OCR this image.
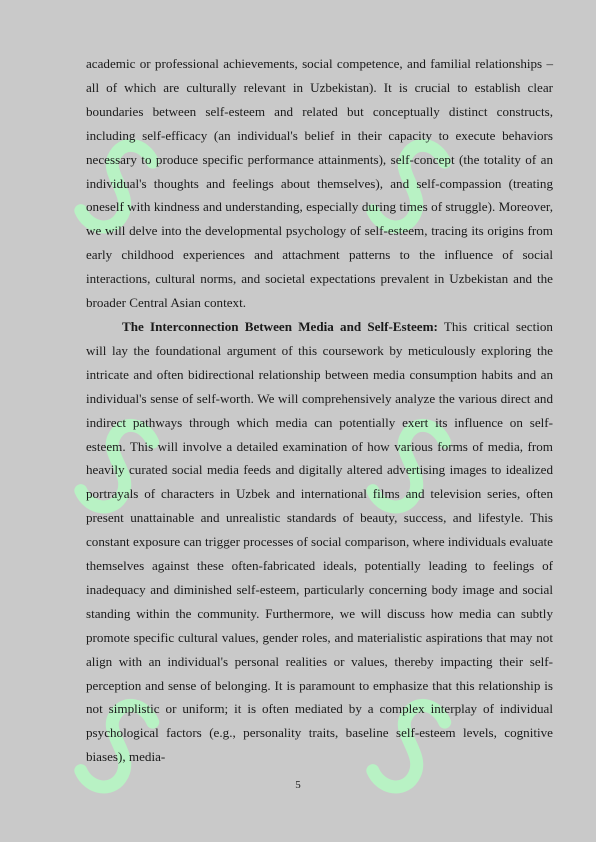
academic or professional achievements, social competence, and familial relationships – all of which are culturally relevant in Uzbekistan). It is crucial to establish clear boundaries between self-esteem and related but conceptually distinct constructs, including self-efficacy (an individual's belief in their capacity to execute behaviors necessary to produce specific performance attainments), self-concept (the totality of an individual's thoughts and feelings about themselves), and self-compassion (treating oneself with kindness and understanding, especially during times of struggle). Moreover, we will delve into the developmental psychology of self-esteem, tracing its origins from early childhood experiences and attachment patterns to the influence of social interactions, cultural norms, and societal expectations prevalent in Uzbekistan and the broader Central Asian context.

The Interconnection Between Media and Self-Esteem: This critical section will lay the foundational argument of this coursework by meticulously exploring the intricate and often bidirectional relationship between media consumption habits and an individual's sense of self-worth. We will comprehensively analyze the various direct and indirect pathways through which media can potentially exert its influence on self-esteem. This will involve a detailed examination of how various forms of media, from heavily curated social media feeds and digitally altered advertising images to idealized portrayals of characters in Uzbek and international films and television series, often present unattainable and unrealistic standards of beauty, success, and lifestyle. This constant exposure can trigger processes of social comparison, where individuals evaluate themselves against these often-fabricated ideals, potentially leading to feelings of inadequacy and diminished self-esteem, particularly concerning body image and social standing within the community. Furthermore, we will discuss how media can subtly promote specific cultural values, gender roles, and materialistic aspirations that may not align with an individual's personal realities or values, thereby impacting their self-perception and sense of belonging. It is paramount to emphasize that this relationship is not simplistic or uniform; it is often mediated by a complex interplay of individual psychological factors (e.g., personality traits, baseline self-esteem levels, cognitive biases), media-

5
